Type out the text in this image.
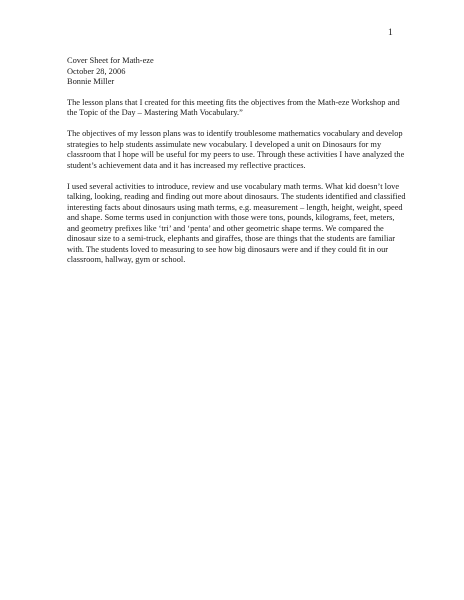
1
Cover Sheet for Math-eze
October 28, 2006
Bonnie Miller

The lesson plans that I created for this meeting fits the objectives from the Math-eze Workshop and the Topic of the Day – Mastering Math Vocabulary.”

The objectives of my lesson plans was to identify troublesome mathematics vocabulary and develop strategies to help students assimulate new vocabulary. I developed a unit on Dinosaurs for my classroom that I hope will be useful for my peers to use. Through these activities I have analyzed the student’s achievement data and it has increased my reflective practices.

I used several activities to introduce, review and use vocabulary math terms. What kid doesn’t love talking, looking, reading and finding out more about dinosaurs. The students identified and classified interesting facts about dinosaurs using math terms, e.g. measurement – length, height, weight, speed and shape. Some terms used in conjunction with those were tons, pounds, kilograms, feet, meters, and geometry prefixes like ‘tri’ and ‘penta’ and other geometric shape terms. We compared the dinosaur size to a semi-truck, elephants and giraffes, those are things that the students are familiar with. The students loved to measuring to see how big dinosaurs were and if they could fit in our classroom, hallway, gym or school.
